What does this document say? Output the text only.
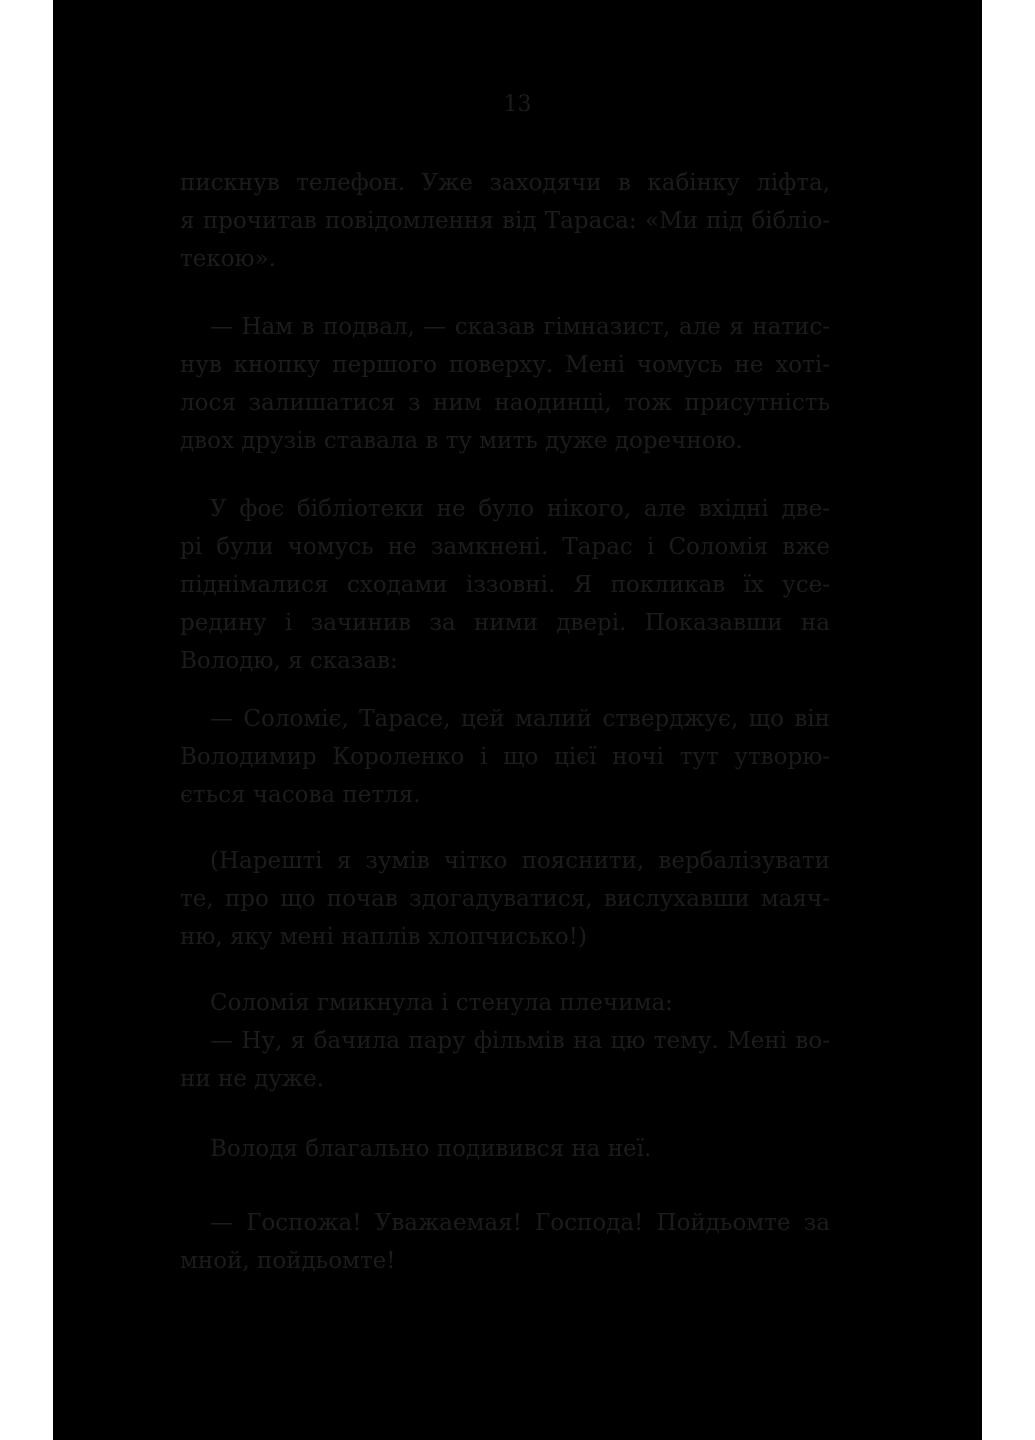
13
пискнув телефон. Уже заходячи в кабінку ліфта,
я прочитав повідомлення від Тараса: «Ми під бібліо-
текою».
— Нам в подвал, — сказав гімназист, але я натис-
нув кнопку першого поверху. Мені чомусь не хотi-
лося залишатися з ним наодинці, тож присутність
двох друзів ставала в ту мить дуже доречною.
У фоє бібліотеки не було нікого, але вхідні две-
рі були чомусь не замкнені. Тарас і Соломія вже
піднімалися сходами іззовні. Я покликав їх усе-
редину і зачинив за ними двері. Показавши на
Володю, я сказав:
— Соломіє, Тарасе, цей малий стверджує, що він
Володимир Короленко і що цієї ночі тут утворю-
ється часова петля.
(Нарешті я зумів чітко пояснити, вербалізувати
те, про що почав здогадуватися, вислухавши маяч-
ню, яку мені наплів хлопчисько!)
Соломія гмикнула і стенула плечима:
— Ну, я бачила пару фільмів на цю тему. Мені во-
ни не дуже.
Володя благально подивився на неї.
— Госпожа! Уважаемая! Господа! Пойдьомте за
мной, пойдьомте!
